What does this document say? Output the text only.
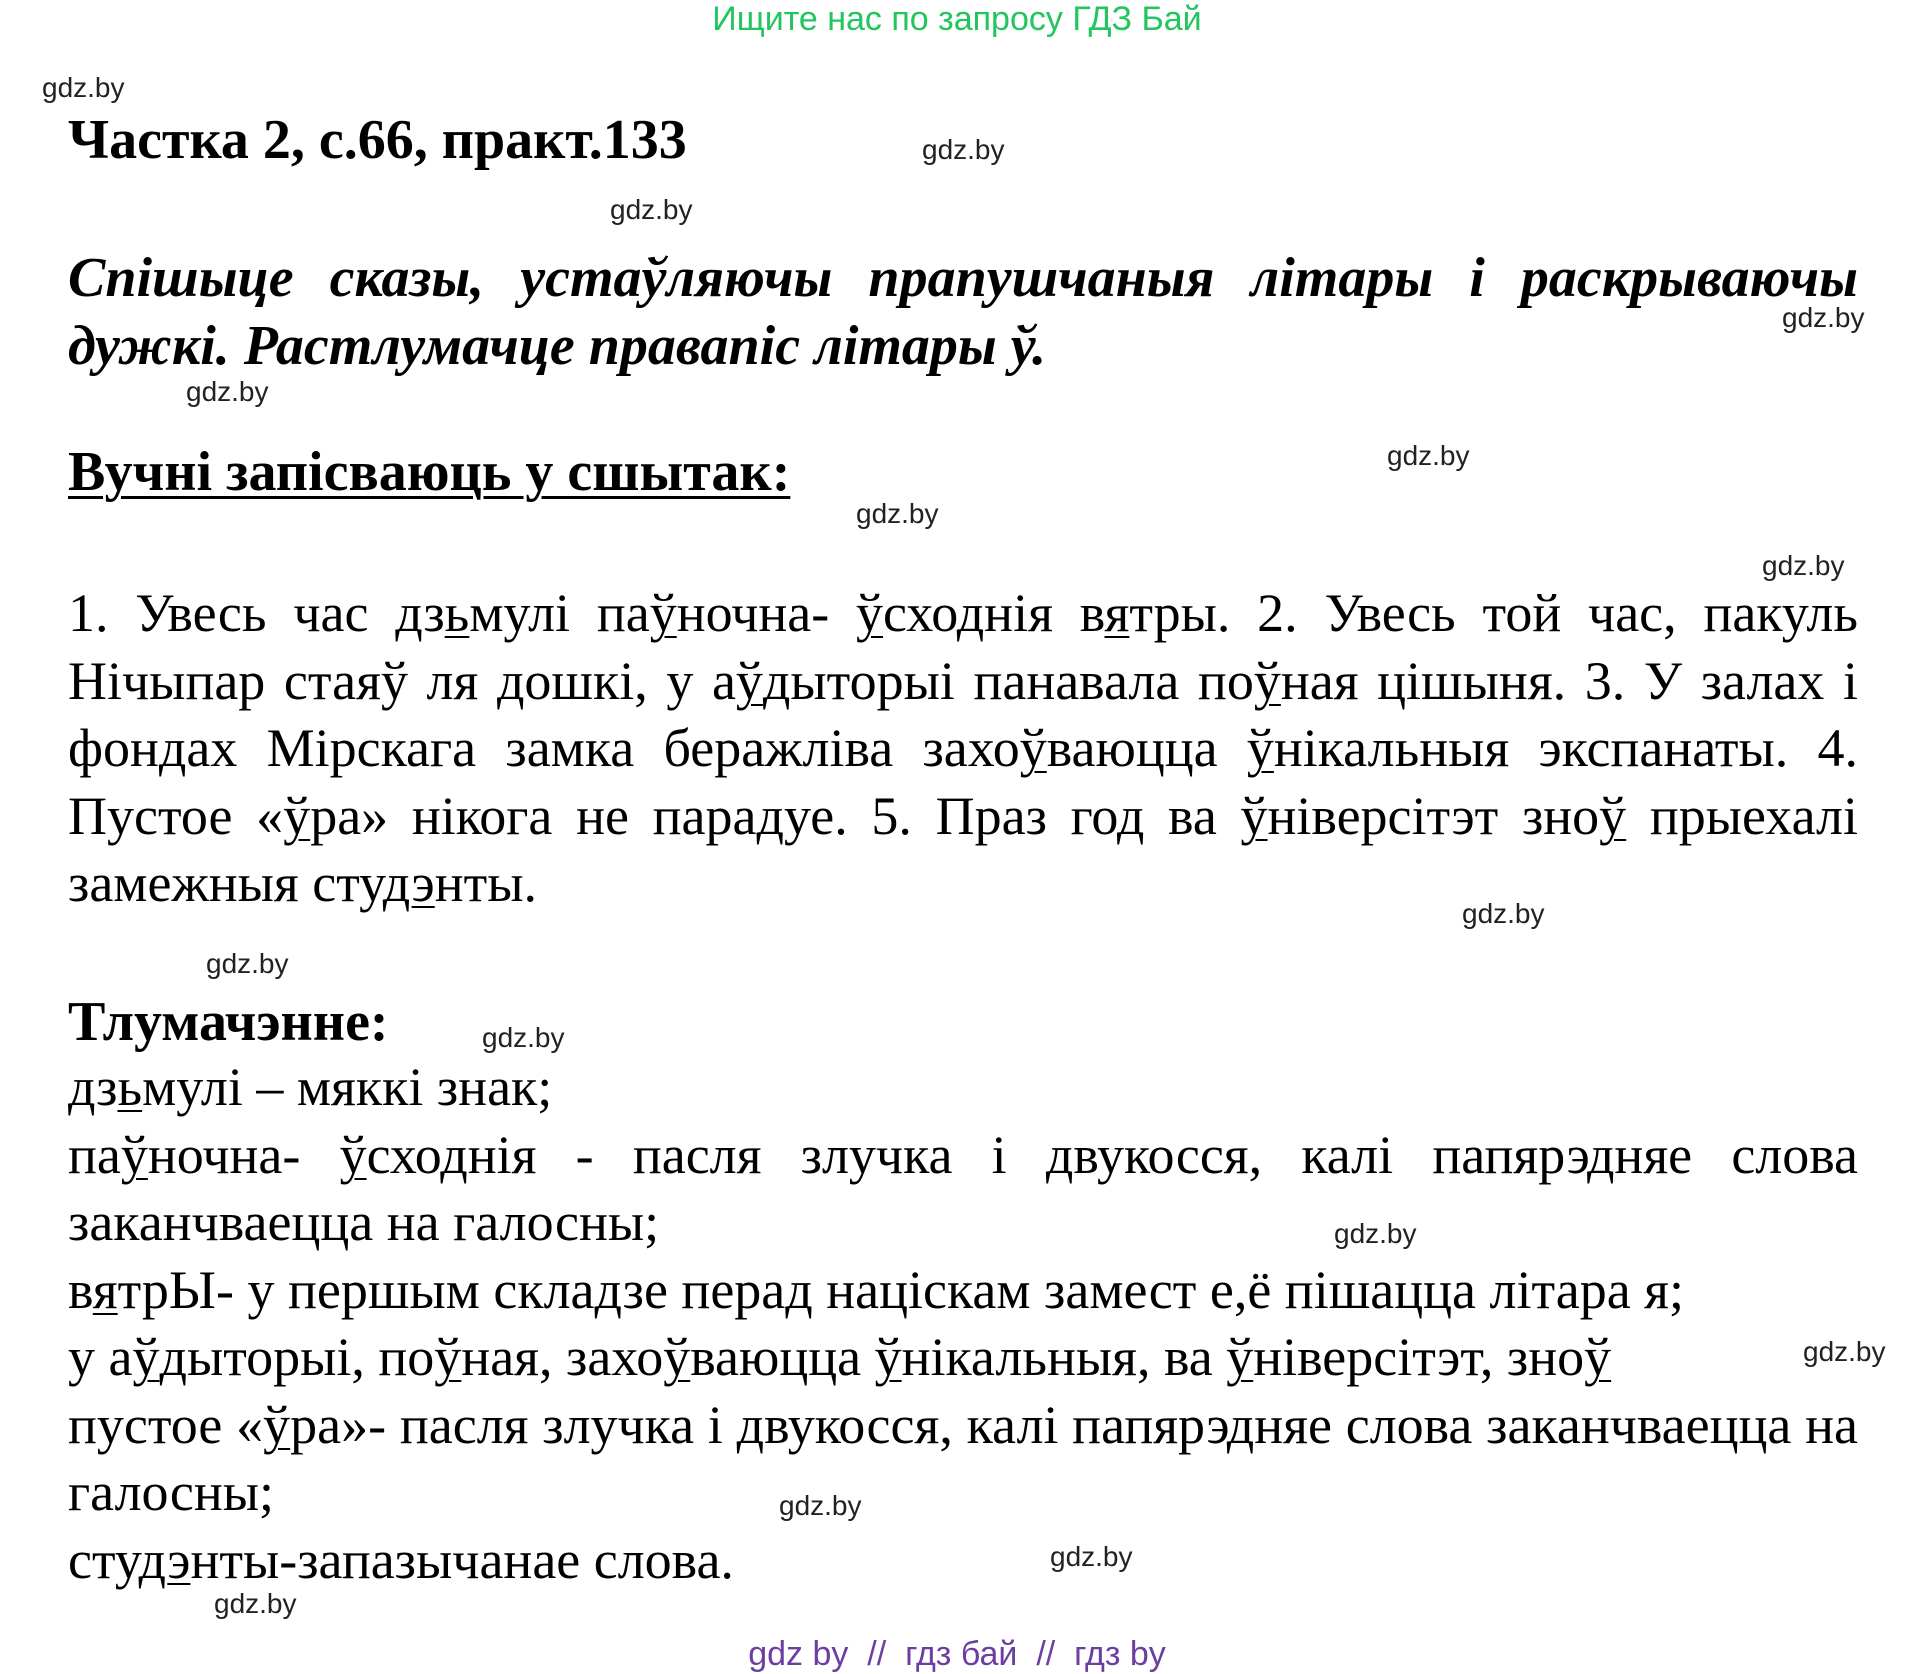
Ищите нас по запросу ГДЗ Бай
Частка 2, с.66, практ.133
Спішыце сказы, устаўляючы прапушчаныя літары і раскрываючы дужкі. Растлумачце правапіс літары ў.
Вучні запісваюць у сшытак:
1. Увесь час дзьмулі паўночна- ўсходнія вятры. 2. Увесь той час, пакуль Нічыпар стаяў ля дошкі, у аўдыторыі панавала поўная цішыня. 3. У залах і фондах Мірскага замка беражліва захоўваюцца ўнікальныя экспанаты. 4. Пустое «ўра» нікога не парадуе. 5. Праз год ва ўніверсітэт зноў прыехалі замежныя студэнты.
Тлумачэнне:

дзьмулі – мяккі знак;

паўночна- ўсходнія - пасля злучка і двукосся, калі папярэдняе слова заканчваецца на галосны;

вятрЫ- у першым складзе перад націскам замест е,ё пішацца літара я;

у аўдыторыі, поўная, захоўваюцца ўнікальныя, ва ўніверсітэт, зноў

пустое «ўра»- пасля злучка і двукосся, калі папярэдняе слова заканчваецца на галосны;

студэнты-запазычанае слова.

gdz.by
gdz.by
gdz.by
gdz.by
gdz.by
gdz.by
gdz.by
gdz.by
gdz.by
gdz.by
gdz.by
gdz.by
gdz.by
gdz.by
gdz.by
gdz.by
gdz by  //  гдз бай  //  гдз by
